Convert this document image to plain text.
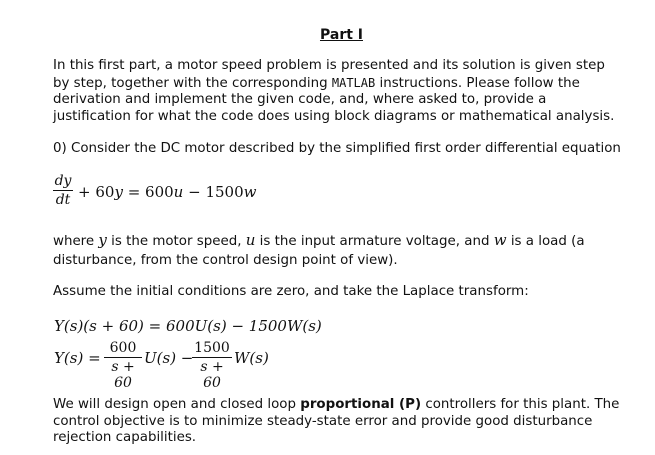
Part I
In this first part, a motor speed problem is presented and its solution is given step
by step, together with the corresponding MATLAB instructions. Please follow the
derivation and implement the given code, and, where asked to, provide a
justification for what the code does using block diagrams or mathematical analysis.
0) Consider the DC motor described by the simplified first order differential equation
dy
dt + 60y = 600u − 1500w
where y is the motor speed, u is the input armature voltage, and w is a load (a
disturbance, from the control design point of view).
Assume the initial conditions are zero, and take the Laplace transform:
Y(s)(s + 60) = 600U(s) − 1500W(s)
Y(s) =
600
s + 60
U(s) −
1500
s + 60
W(s)
We will design open and closed loop proportional (P) controllers for this plant. The
control objective is to minimize steady-state error and provide good disturbance
rejection capabilities.
